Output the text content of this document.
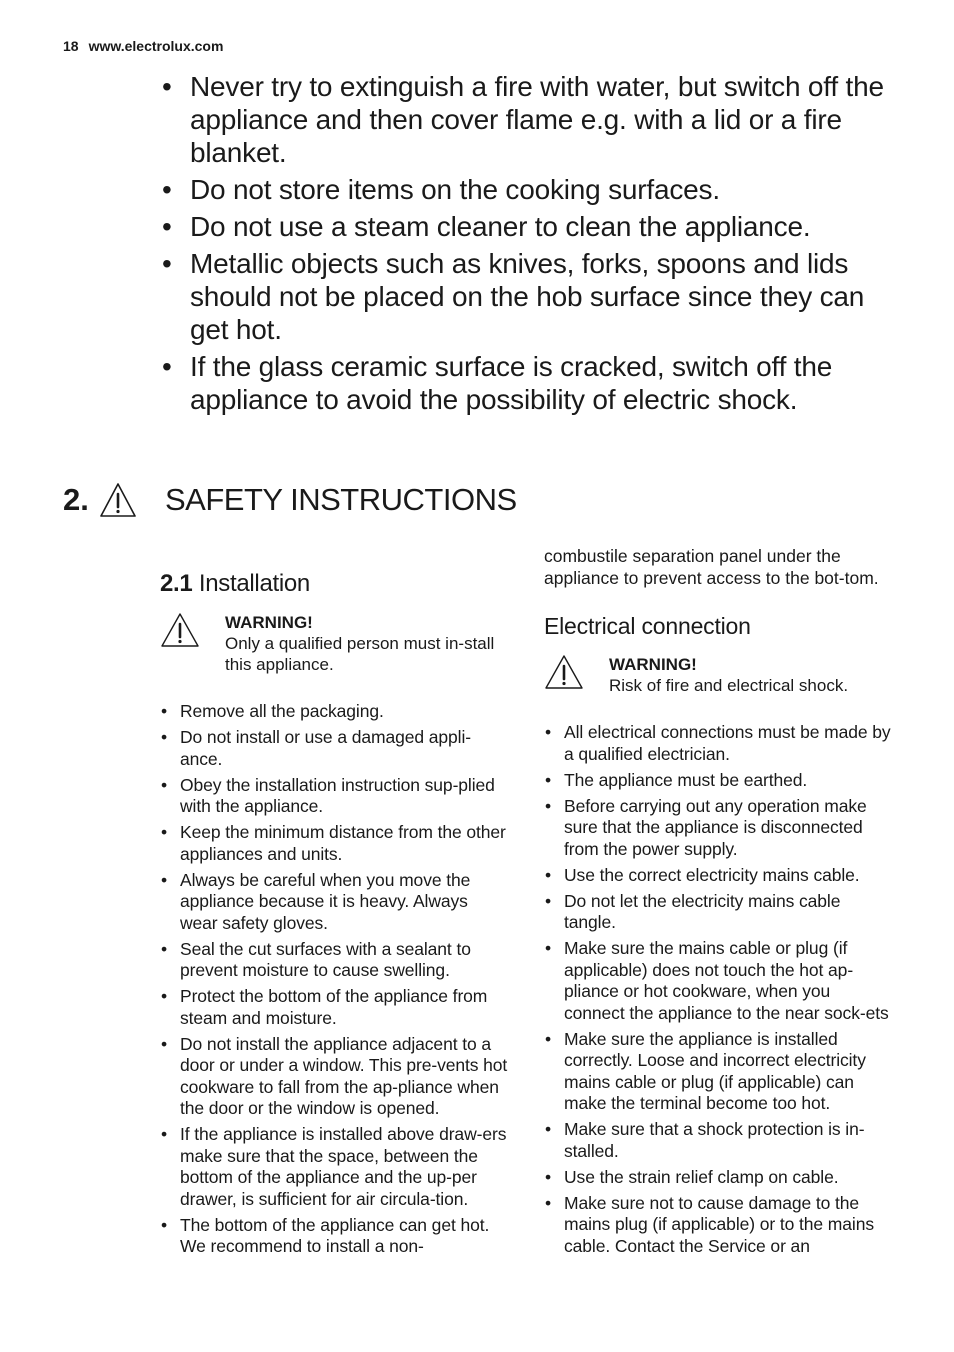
18 www.electrolux.com
• Never try to extinguish a fire with water, but switch off the appliance and then cover flame e.g. with a lid or a fire blanket.
• Do not store items on the cooking surfaces.
• Do not use a steam cleaner to clean the appliance.
• Metallic objects such as knives, forks, spoons and lids should not be placed on the hob surface since they can get hot.
• If the glass ceramic surface is cracked, switch off the appliance to avoid the possibility of electric shock.
2.	SAFETY INSTRUCTIONS
2.1 Installation
WARNING!
Only a qualified person must in-stall this appliance.
• Remove all the packaging.
• Do not install or use a damaged appli-ance.
• Obey the installation instruction sup-plied with the appliance.
• Keep the minimum distance from the other appliances and units.
• Always be careful when you move the appliance because it is heavy. Always wear safety gloves.
• Seal the cut surfaces with a sealant to prevent moisture to cause swelling.
• Protect the bottom of the appliance from steam and moisture.
• Do not install the appliance adjacent to a door or under a window. This pre-vents hot cookware to fall from the ap-pliance when the door or the window is opened.
• If the appliance is installed above draw-ers make sure that the space, between the bottom of the appliance and the up-per drawer, is sufficient for air circula-tion.
• The bottom of the appliance can get hot. We recommend to install a non-
combustile separation panel under the appliance to prevent access to the bot-tom.
Electrical connection
WARNING!
Risk of fire and electrical shock.
• All electrical connections must be made by a qualified electrician.
• The appliance must be earthed.
• Before carrying out any operation make sure that the appliance is disconnected from the power supply.
• Use the correct electricity mains cable.
• Do not let the electricity mains cable tangle.
• Make sure the mains cable or plug (if applicable) does not touch the hot ap-pliance or hot cookware, when you connect the appliance to the near sock-ets
• Make sure the appliance is installed correctly. Loose and incorrect electricity mains cable or plug (if applicable) can make the terminal become too hot.
• Make sure that a shock protection is in-stalled.
• Use the strain relief clamp on cable.
• Make sure not to cause damage to the mains plug (if applicable) or to the mains cable. Contact the Service or an
